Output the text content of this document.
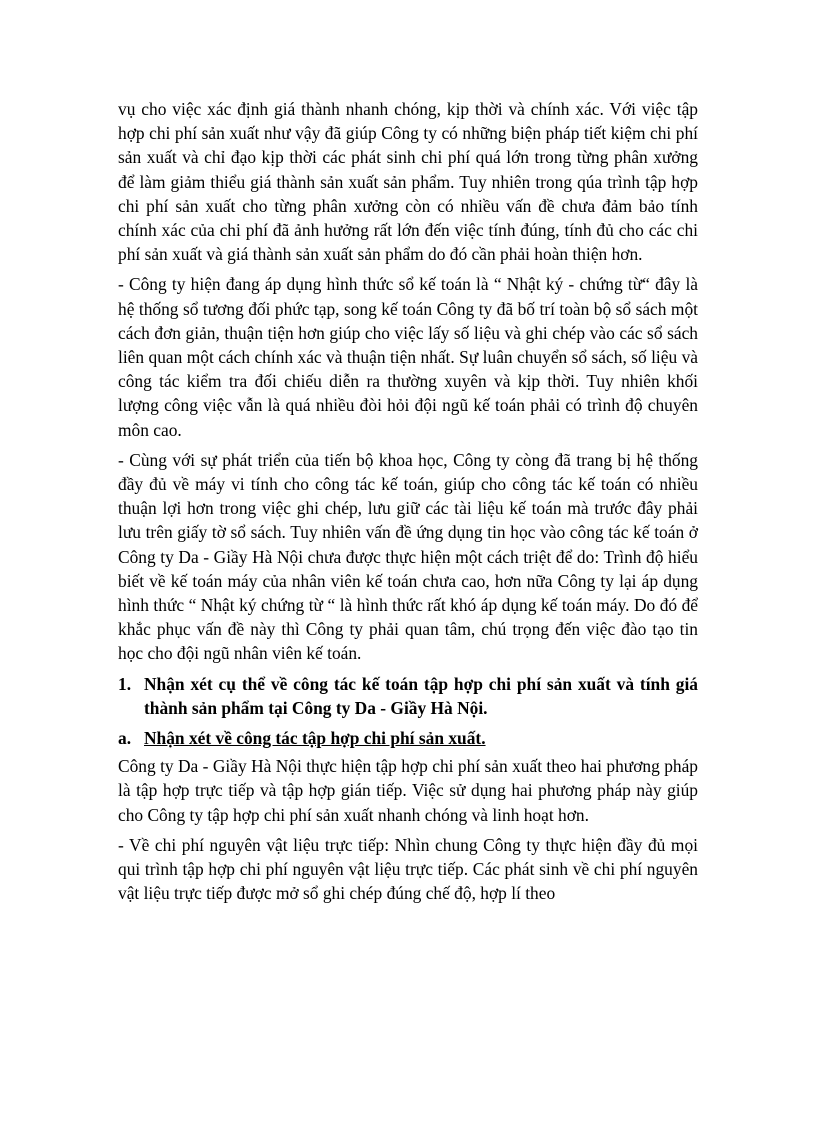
vụ cho việc xác định giá thành nhanh chóng, kịp thời và chính xác. Với việc tập hợp chi phí sản xuất như vậy đã giúp Công ty có những biện pháp tiết kiệm chi phí sản xuất và chỉ đạo kịp thời các phát sinh chi phí quá lớn trong từng phân xưởng để làm giảm thiểu giá thành sản xuất sản phẩm. Tuy nhiên trong qúa trình tập hợp chi phí sản xuất cho từng phân xưởng còn có nhiều vấn đề chưa đảm bảo tính chính xác của chi phí đã ảnh hưởng rất lớn đến việc tính đúng, tính đủ cho các chi phí sản xuất và giá thành sản xuất sản phẩm do đó cần phải hoàn thiện hơn.

- Công ty hiện đang áp dụng hình thức sổ kế toán là “ Nhật ký - chứng từ“ đây là hệ thống sổ tương đối phức tạp, song kế toán Công ty đã bố trí toàn bộ sổ sách một cách đơn giản, thuận tiện hơn giúp cho việc lấy số liệu và ghi chép vào các sổ sách liên quan một cách chính xác và thuận tiện nhất. Sự luân chuyển sổ sách, số liệu và công tác kiểm tra đối chiếu diễn ra thường xuyên và kịp thời. Tuy nhiên khối lượng công việc vẫn là quá nhiều đòi hỏi đội ngũ kế toán phải có trình độ chuyên môn cao.

- Cùng với sự phát triển của tiến bộ khoa học, Công ty còng đã trang bị hệ thống đầy đủ về máy vi tính cho công tác kế toán, giúp cho công tác kế toán có nhiều thuận lợi hơn trong việc ghi chép, lưu giữ các tài liệu kế toán mà trước đây phải lưu trên giấy tờ sổ sách. Tuy nhiên vấn đề ứng dụng tin học vào công tác kế toán ở Công ty Da - Giầy Hà Nội chưa được thực hiện một cách triệt để do: Trình độ hiểu biết về kế toán máy của nhân viên kế toán chưa cao, hơn nữa Công ty lại áp dụng hình thức “ Nhật ký chứng từ “ là hình thức rất khó áp dụng kế toán máy. Do đó để khắc phục vấn đề này thì Công ty phải quan tâm, chú trọng đến việc đào tạo tin học cho đội ngũ nhân viên kế toán.

1. Nhận xét cụ thể về công tác kế toán tập hợp chi phí sản xuất và tính giá thành sản phẩm tại Công ty Da - Giầy Hà Nội.
a. Nhận xét về công tác tập hợp chi phí sản xuất.

Công ty Da - Giầy Hà Nội thực hiện tập hợp chi phí sản xuất theo hai phương pháp là tập hợp trực tiếp và tập hợp gián tiếp. Việc sử dụng hai phương pháp này giúp cho Công ty tập hợp chi phí sản xuất nhanh chóng và linh hoạt hơn.

- Về chi phí nguyên vật liệu trực tiếp: Nhìn chung Công ty thực hiện đầy đủ mọi qui trình tập hợp chi phí nguyên vật liệu trực tiếp. Các phát sinh về chi phí nguyên vật liệu trực tiếp được mở sổ ghi chép đúng chế độ, hợp lí theo
